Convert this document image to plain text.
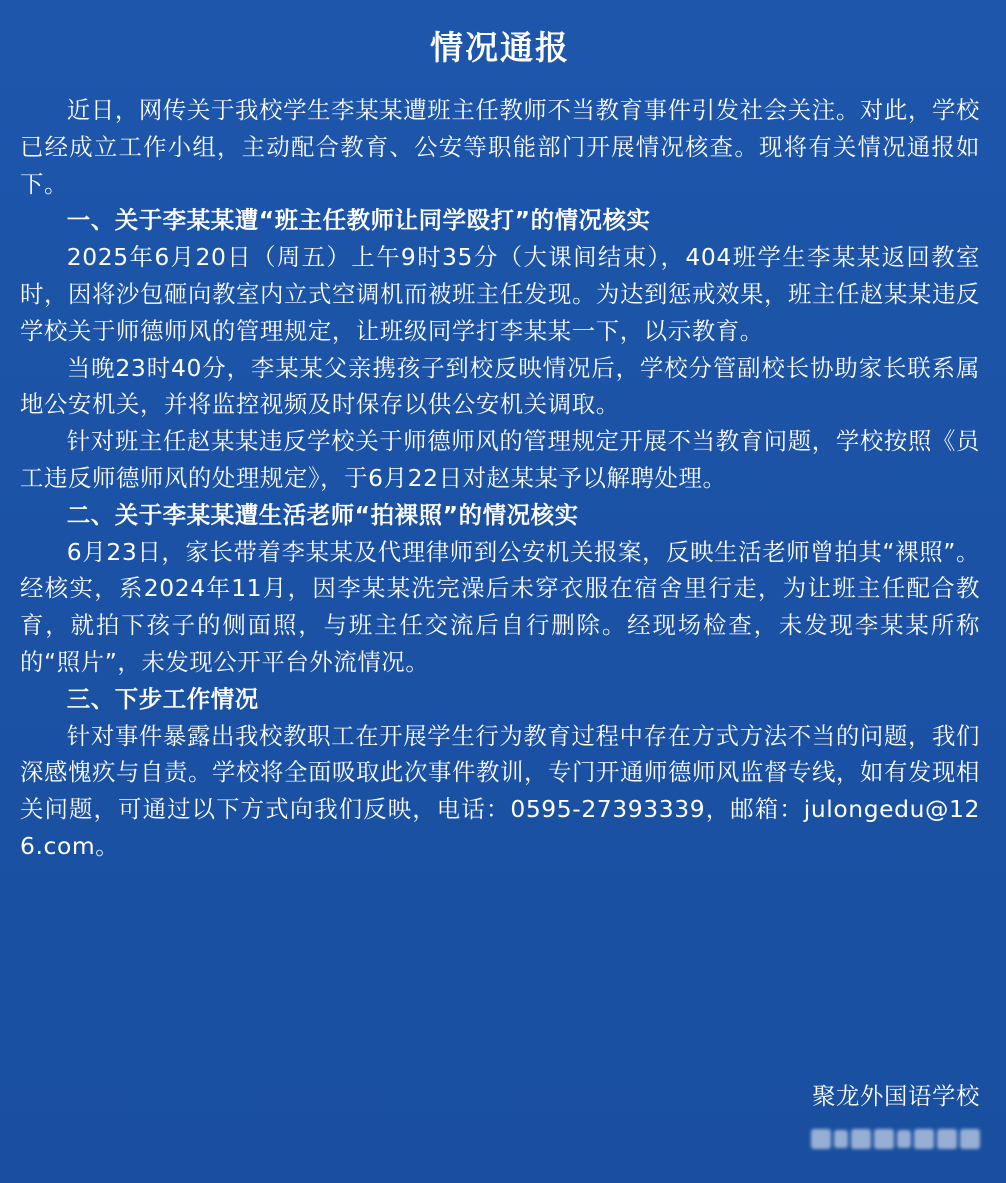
情况通报

近日，网传关于我校学生李某某遭班主任教师不当教育事件引发社会关注。对此，学校已经成立工作小组，主动配合教育、公安等职能部门开展情况核查。现将有关情况通报如下。

一、关于李某某遭“班主任教师让同学殴打”的情况核实

2025年6月20日（周五）上午9时35分（大课间结束），404班学生李某某返回教室时，因将沙包砸向教室内立式空调机而被班主任发现。为达到惩戒效果，班主任赵某某违反学校关于师德师风的管理规定，让班级同学打李某某一下，以示教育。

当晚23时40分，李某某父亲携孩子到校反映情况后，学校分管副校长协助家长联系属地公安机关，并将监控视频及时保存以供公安机关调取。

针对班主任赵某某违反学校关于师德师风的管理规定开展不当教育问题，学校按照《员工违反师德师风的处理规定》，于6月22日对赵某某予以解聘处理。

二、关于李某某遭生活老师“拍裸照”的情况核实

6月23日，家长带着李某某及代理律师到公安机关报案，反映生活老师曾拍其“裸照”。经核实，系2024年11月，因李某某洗完澡后未穿衣服在宿舍里行走，为让班主任配合教育，就拍下孩子的侧面照，与班主任交流后自行删除。经现场检查，未发现李某某所称的“照片”，未发现公开平台外流情况。

三、下步工作情况

针对事件暴露出我校教职工在开展学生行为教育过程中存在方式方法不当的问题，我们深感愧疚与自责。学校将全面吸取此次事件教训，专门开通师德师风监督专线，如有发现相关问题，可通过以下方式向我们反映，电话：0595-27393339，邮箱：julongedu@126.com。

聚龙外国语学校
